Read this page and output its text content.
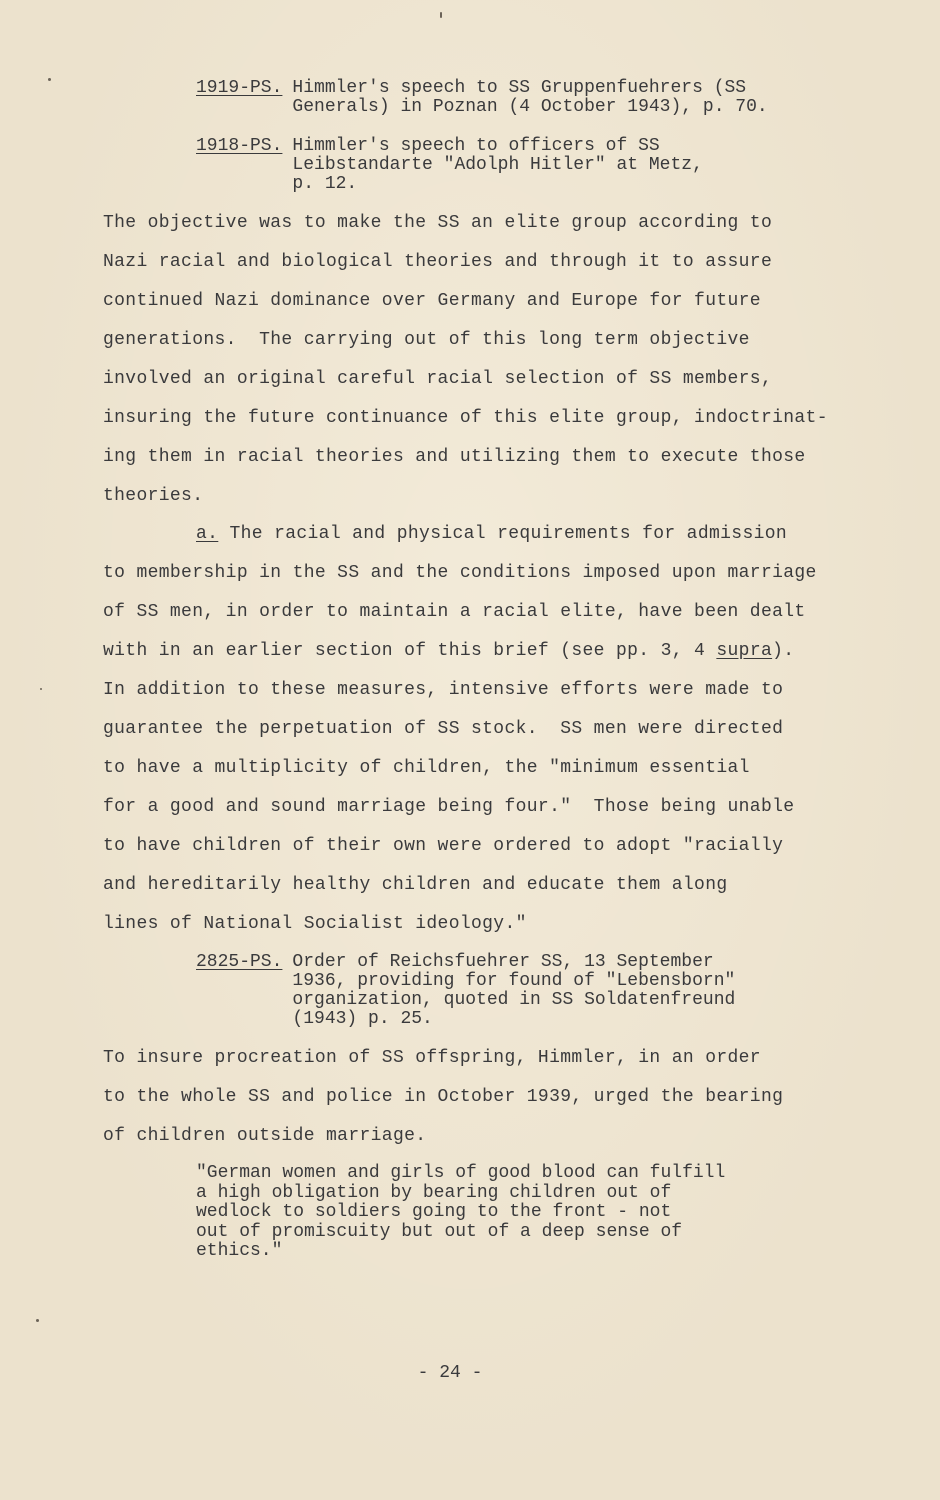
1919-PS. Himmler's speech to SS Gruppenfuehrers (SS
Generals) in Poznan (4 October 1943), p. 70.
1918-PS. Himmler's speech to officers of SS
Leibstandarte "Adolph Hitler" at Metz,
p. 12.
The objective was to make the SS an elite group according to
Nazi racial and biological theories and through it to assure
continued Nazi dominance over Germany and Europe for future
generations.  The carrying out of this long term objective
involved an original careful racial selection of SS members,
insuring the future continuance of this elite group, indoctrinat-
ing them in racial theories and utilizing them to execute those
theories.
a. The racial and physical requirements for admission
to membership in the SS and the conditions imposed upon marriage
of SS men, in order to maintain a racial elite, have been dealt
with in an earlier section of this brief (see pp. 3, 4 supra).
In addition to these measures, intensive efforts were made to
guarantee the perpetuation of SS stock.  SS men were directed
to have a multiplicity of children, the "minimum essential
for a good and sound marriage being four."  Those being unable
to have children of their own were ordered to adopt "racially
and hereditarily healthy children and educate them along
lines of National Socialist ideology."
2825-PS. Order of Reichsfuehrer SS, 13 September
1936, providing for found of "Lebensborn"
organization, quoted in SS Soldatenfreund
(1943) p. 25.
To insure procreation of SS offspring, Himmler, in an order
to the whole SS and police in October 1939, urged the bearing
of children outside marriage.
"German women and girls of good blood can fulfill
a high obligation by bearing children out of
wedlock to soldiers going to the front - not
out of promiscuity but out of a deep sense of
ethics."
- 24 -
